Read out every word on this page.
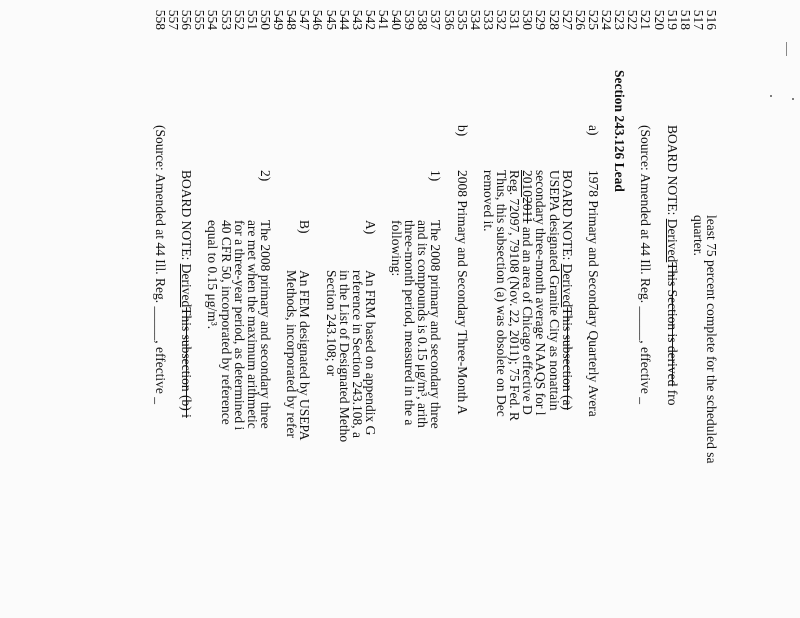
516
least 75 percent complete for the scheduled sa
517
quarter.
518
519
BOARD NOTE: DerivedThis Section is derived fro
520
521
(Source: Amended at 44 Ill. Reg. _____, effective _
522
523
Section 243.126 Lead
524
525
a)
1978 Primary and Secondary Quarterly Avera
526
527
BOARD NOTE: DerivedThis subsection (a)
528
USEPA designated Granite City as nonattain
529
secondary three-month average NAAQS for l
530
20102011 and an area of Chicago effective D
531
Reg. 72097, 79108 (Nov. 22, 2011); 75 Fed. R
532
Thus, this subsection (a) was obsolete on Dec
533
removed it.
534
535
b)
2008 Primary and Secondary Three-Month A
536
537
1)
The 2008 primary and secondary three
538
and its compounds is 0.15 μg/m³, arith
539
three-month period, measured in the a
540
following:
541
542
A)
An FRM based on appendix G
543
reference in Section 243.108, a
544
in the List of Designated Metho
545
Section 243.108; or
546
547
B)
An FEM designated by USEPA
548
Methods, incorporated by refer
549
550
2)
The 2008 primary and secondary three
551
are met when the maximum arithmetic
552
for a three-year period, as determined i
553
40 CFR 50, incorporated by reference
554
equal to 0.15 μg/m³.
555
556
BOARD NOTE: DerivedThis subsection (b) i
557
558
(Source: Amended at 44 Ill. Reg. _____, effective _
